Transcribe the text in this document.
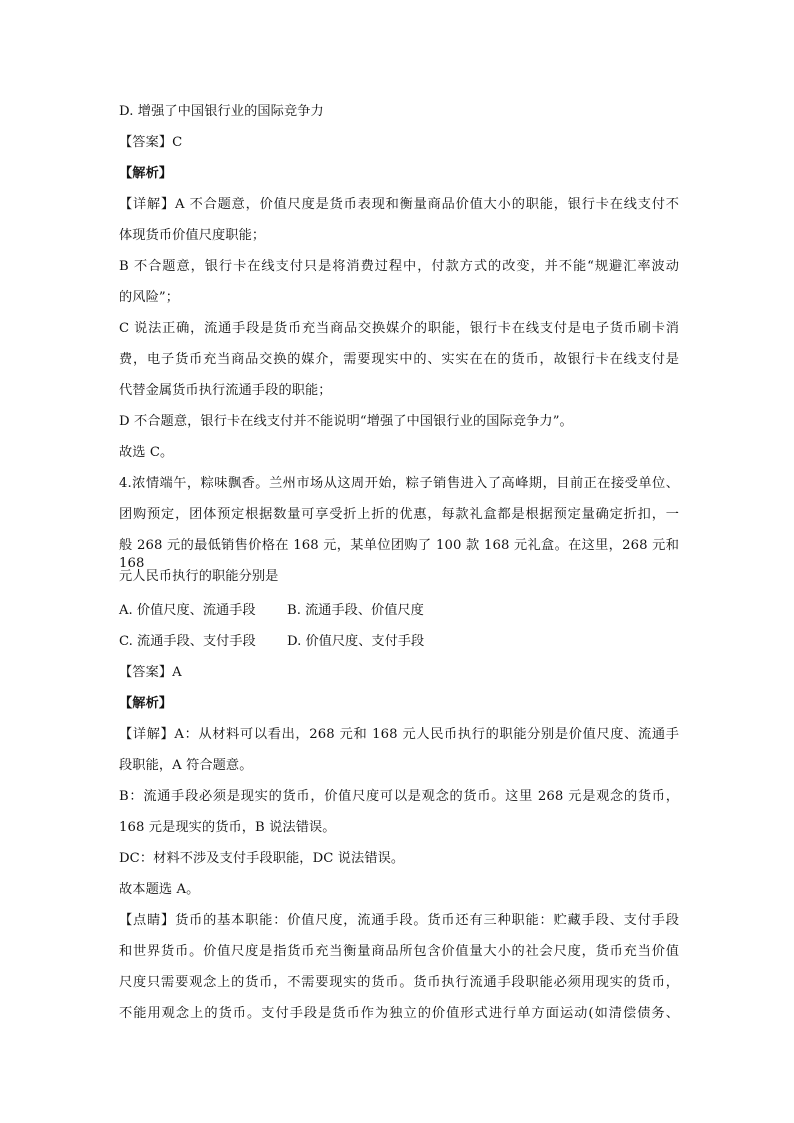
D. 增强了中国银行业的国际竞争力
【答案】C
【解析】
【详解】A 不合题意，价值尺度是货币表现和衡量商品价值大小的职能，银行卡在线支付不
体现货币价值尺度职能；
B 不合题意，银行卡在线支付只是将消费过程中，付款方式的改变，并不能“规避汇率波动
的风险”；
C 说法正确，流通手段是货币充当商品交换媒介的职能，银行卡在线支付是电子货币刷卡消
费，电子货币充当商品交换的媒介，需要现实中的、实实在在的货币，故银行卡在线支付是
代替金属货币执行流通手段的职能；
D 不合题意，银行卡在线支付并不能说明“增强了中国银行业的国际竞争力”。
故选 C。
4.浓情端午，粽味飘香。兰州市场从这周开始，粽子销售进入了高峰期，目前正在接受单位、
团购预定，团体预定根据数量可享受折上折的优惠，每款礼盒都是根据预定量确定折扣，一
般 268 元的最低销售价格在 168 元，某单位团购了 100 款 168 元礼盒。在这里，268 元和 168
元人民币执行的职能分别是
A. 价值尺度、流通手段 B. 流通手段、价值尺度
C. 流通手段、支付手段 D. 价值尺度、支付手段
【答案】A
【解析】
【详解】A：从材料可以看出，268 元和 168 元人民币执行的职能分别是价值尺度、流通手
段职能，A 符合题意。
B：流通手段必须是现实的货币，价值尺度可以是观念的货币。这里 268 元是观念的货币，
168 元是现实的货币，B 说法错误。
DC：材料不涉及支付手段职能，DC 说法错误。
故本题选 A。
【点睛】货币的基本职能：价值尺度，流通手段。货币还有三种职能：贮藏手段、支付手段
和世界货币。价值尺度是指货币充当衡量商品所包含价值量大小的社会尺度，货币充当价值
尺度只需要观念上的货币，不需要现实的货币。货币执行流通手段职能必须用现实的货币，
不能用观念上的货币。支付手段是货币作为独立的价值形式进行单方面运动(如清偿债务、
